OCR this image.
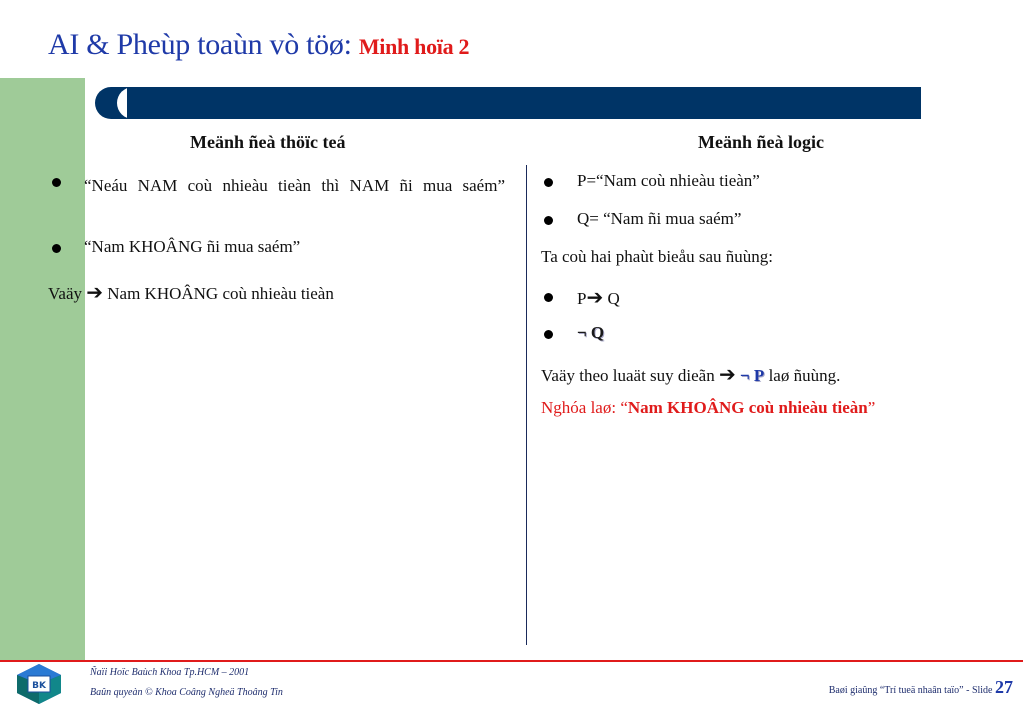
AI & Pheùp toaùn vò töø: Minh hoïa 2
Meänh ñeà thöïc teá
“Neáu NAM coù nhieàu tieàn thì NAM ñi mua saém”
“Nam KHOÂNG ñi mua saém”
Vaäy ➔ Nam KHOÂNG coù nhieàu tieàn
Meänh ñeà logic
P=“Nam coù nhieàu tieàn”
Q= “Nam ñi mua saém”
Ta coù hai phaùt bieåu sau ñuùng:
P➔ Q
¬ Q
Vaäy theo luaät suy dieãn ➔ ¬ P laø ñuùng.
Nghóa laø: “Nam KHOÂNG coù nhieàu tieàn”
BK
Ñaïi Hoïc Baùch Khoa Tp.HCM – 2001
Baûn quyeàn © Khoa Coâng Ngheä Thoâng Tin	Baøi giaûng “Trí tueä nhaân taïo” - Slide 27
